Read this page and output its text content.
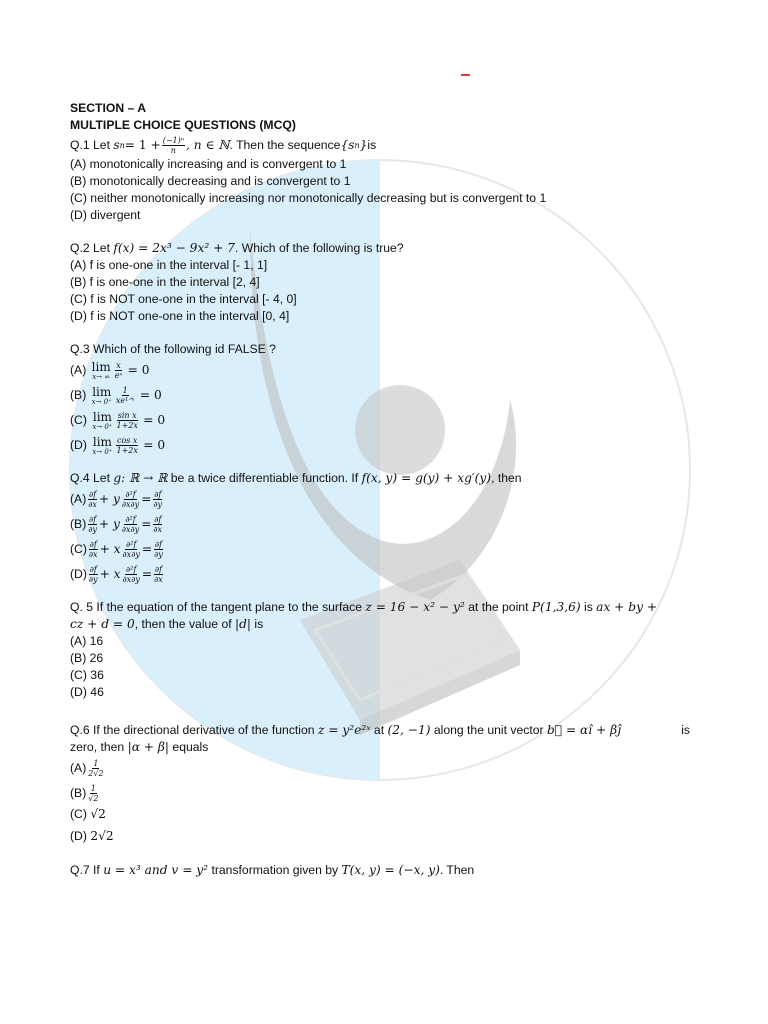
SECTION – A
MULTIPLE CHOICE QUESTIONS (MCQ)
Q.1 Let
s $n = 1 + \frac{\text{(−1)ⁿ}}{n}$ , n ∈ ℕ . Then the sequence {s n } is
(A) monotonically increasing and is convergent to 1
(B) monotonically decreasing and is convergent to 1
(C) neither monotonically increasing nor monotonically decreasing but is convergent to 1
(D) divergent
Q.2 Let f(x) = 2x³ − 9x² + 7. Which of the following is true?
(A) f is one-one in the interval [- 1, 1]
(B) f is one-one in the interval [2, 4]
(C) f is NOT one-one in the interval [- 4, 0]
(D) f is NOT one-one in the interval [0, 4]
Q.3 Which of the following id FALSE ?
(A)
lim
x→ ∞ $\frac{x}{\text{eˣ}}$
= 0
(B)
lim
$x\to 0^+ \frac{1}{\text{xe¹ᐟˣ}}$
= 0
(C)
lim
$x\to 0^+ \frac{\text{sin x}}{1+2x}$
= 0
(D)
lim
$x\to 0^+ \frac{\text{cos x}}{1+2x}$
= 0
Q.4 Let g: ℝ → ℝ be a twice differentiable function. If f(x, y) = g(y) + xg′(y), then
$(A) \frac{\partial f}{\partial x} + y \frac{\text{∂²f}}{\partial x\partial y} = \frac{\partial f}{\partial y}$
$(B) \frac{\partial f}{\partial y} + y \frac{\text{∂²f}}{\partial x\partial y} = \frac{\partial f}{\partial x}$
$(C) \frac{\partial f}{\partial x} + x \frac{\text{∂²f}}{\partial x\partial y} = \frac{\partial f}{\partial y}$
$(D) \frac{\partial f}{\partial y} + x \frac{\text{∂²f}}{\partial x\partial y} = \frac{\partial f}{\partial x}$
Q. 5 If the equation of the tangent plane to the surface z = 16 − x² − y² at the point P(1,3,6) is ax + by +
cz + d = 0, then the value of |d| is
(A) 16
(B) 26
(C) 36
(D) 46
Q.6 If the directional derivative of the function z = y²e²ˣ at (2, −1) along the unit vector b⃗ = αî + βĵ	is
zero, then |α + β| equals
$(A) \frac{1}{2√2}$
$(B) \frac{1}{√2}$
(C) √2
(D) 2√2
Q.7 If u = x³ and v = y² transformation given by T(x, y) = (−x, y). Then
